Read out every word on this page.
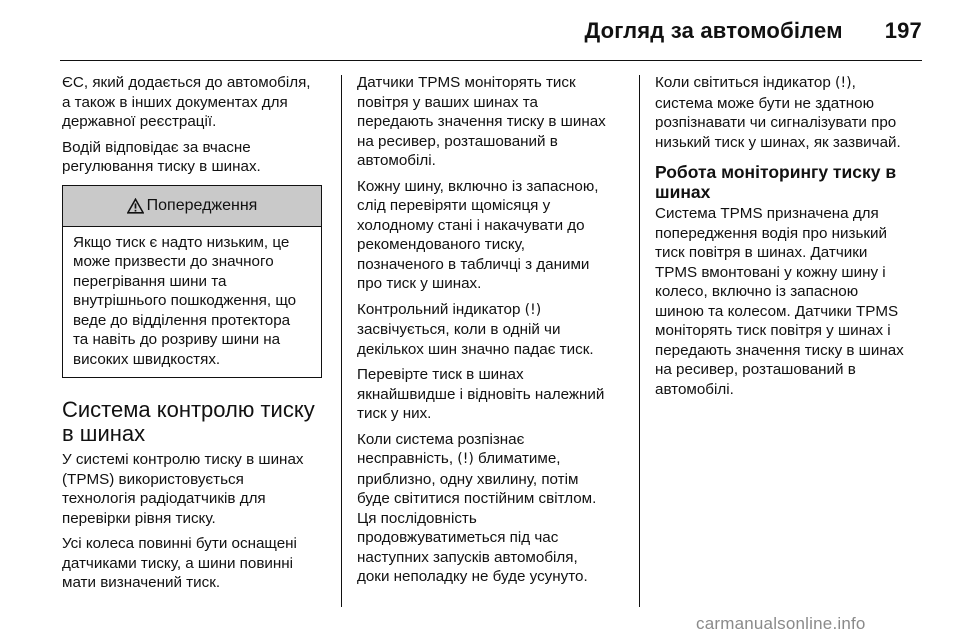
Догляд за автомобілем 197

ЄС, який додається до автомобіля,
а також в інших документах для
державної реєстрації.

Водій відповідає за вчасне
регулювання тиску в шинах.

Попередження
Якщо тиск є надто низьким, це
може призвести до значного
перегрівання шини та
внутрішнього пошкодження, що
веде до відділення протектора
та навіть до розриву шини на
високих швидкостях.
Система контролю тиску
в шинах

У системі контролю тиску в шинах
(TPMS) використовується
технологія радіодатчиків для
перевірки рівня тиску.

Усі колеса повинні бути оснащені
датчиками тиску, а шини повинні
мати визначений тиск.

Датчики TPMS моніторять тиск
повітря у ваших шинах та
передають значення тиску в шинах
на ресивер, розташований в
автомобілі.

Кожну шину, включно із запасною,
слід перевіряти щомісяця у
холодному стані і накачувати до
рекомендованого тиску,
позначеного в табличці з даними
про тиск у шинах.

Контрольний індикатор (!)
засвічується, коли в одній чи
декількох шин значно падає тиск.

Перевірте тиск в шинах
якнайшвидше і відновіть належний
тиск у них.

Коли система розпізнає
несправність, (!) блиматиме,
приблизно, одну хвилину, потім
буде світитися постійним світлом.
Ця послідовність
продовжуватиметься під час
наступних запусків автомобіля,
доки неполадку не буде усунуто.

Коли світиться індикатор (!),
система може бути не здатною
розпізнавати чи сигналізувати про
низький тиск у шинах, як зазвичай.

Робота моніторингу тиску в
шинах

Система TPMS призначена для
попередження водія про низький
тиск повітря в шинах. Датчики
TPMS вмонтовані у кожну шину і
колесо, включно із запасною
шиною та колесом. Датчики TPMS
моніторять тиск повітря у шинах і
передають значення тиску в шинах
на ресивер, розташований в
автомобілі.

carmanualsonline.info
